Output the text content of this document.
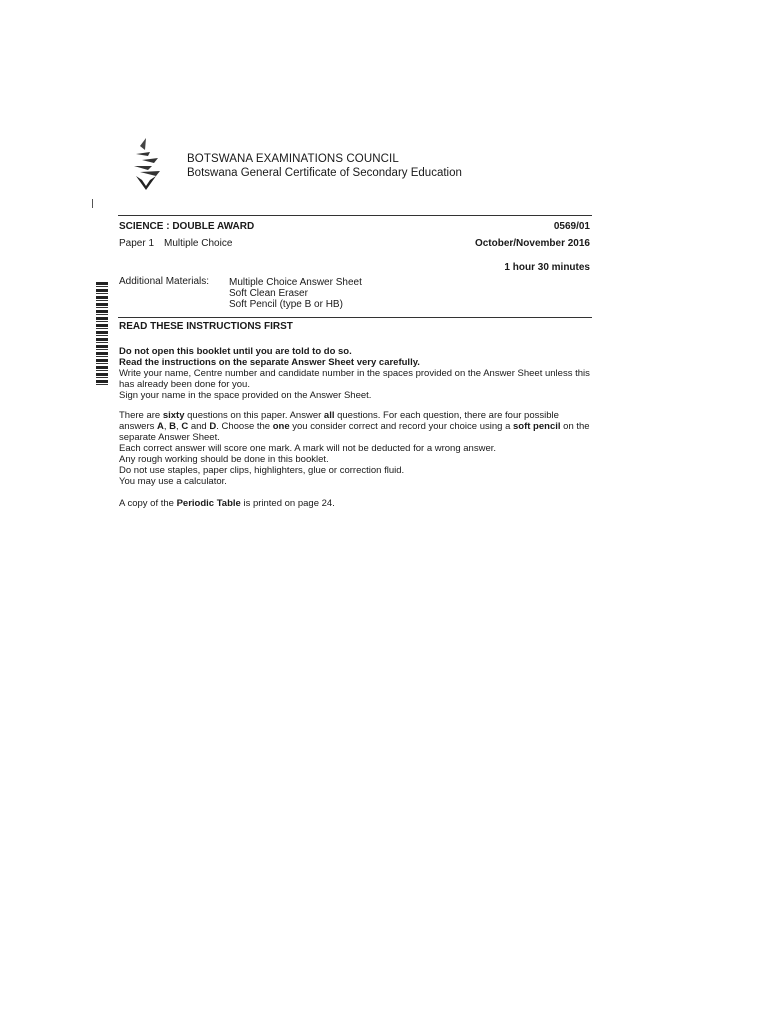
BOTSWANA EXAMINATIONS COUNCIL
Botswana General Certificate of Secondary Education
SCIENCE : DOUBLE AWARD	0569/01
Paper 1 Multiple Choice	October/November 2016
1 hour 30 minutes
Additional Materials: Multiple Choice Answer Sheet
Soft Clean Eraser
Soft Pencil (type B or HB)
READ THESE INSTRUCTIONS FIRST

Do not open this booklet until you are told to do so.

Read the instructions on the separate Answer Sheet very carefully.

Write your name, Centre number and candidate number in the spaces provided on the Answer Sheet unless this has already been done for you.

Sign your name in the space provided on the Answer Sheet.

There are sixty questions on this paper. Answer all questions. For each question, there are four possible answers A, B, C and D. Choose the one you consider correct and record your choice using a soft pencil on the separate Answer Sheet.

Each correct answer will score one mark. A mark will not be deducted for a wrong answer.

Any rough working should be done in this booklet.

Do not use staples, paper clips, highlighters, glue or correction fluid.

You may use a calculator.

A copy of the Periodic Table is printed on page 24.
